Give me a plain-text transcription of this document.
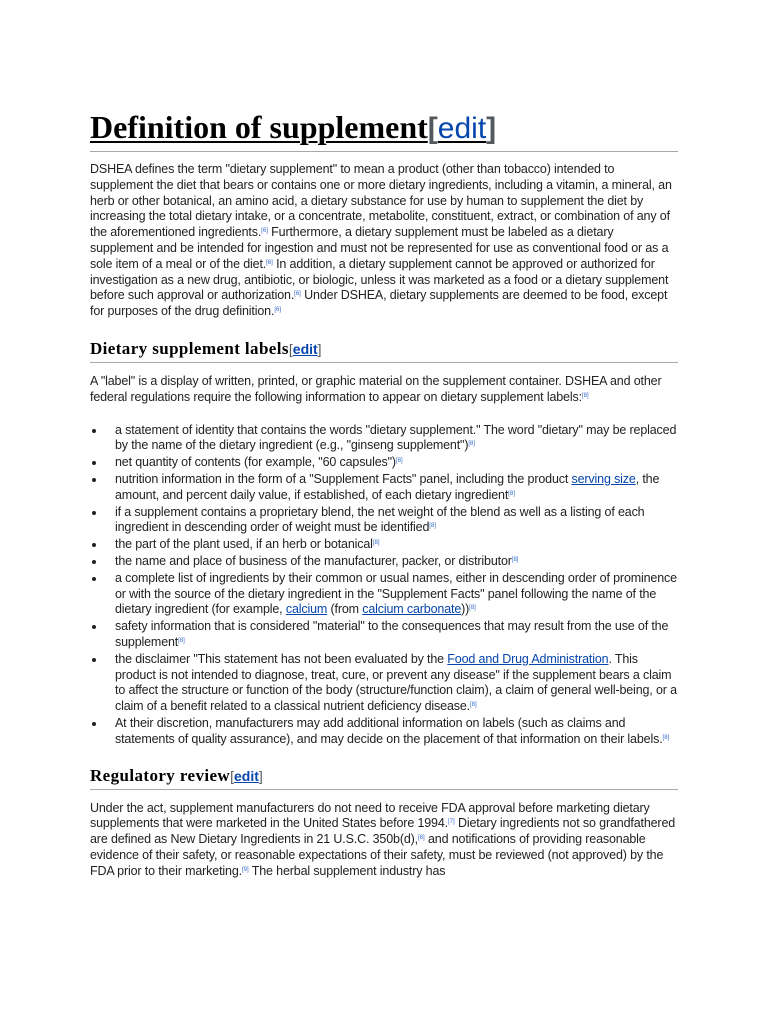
Definition of supplement[edit]

DSHEA defines the term "dietary supplement" to mean a product (other than tobacco) intended to supplement the diet that bears or contains one or more dietary ingredients, including a vitamin, a mineral, an herb or other botanical, an amino acid, a dietary substance for use by human to supplement the diet by increasing the total dietary intake, or a concentrate, metabolite, constituent, extract, or combination of any of the aforementioned ingredients. [ $^6$ ] Furthermore, a dietary supplement must be labeled as a dietary supplement and be intended for ingestion and must not be represented for use as conventional food or as a sole item of a meal or of the diet. [ $^6$ ] In addition, a dietary supplement cannot be approved or authorized for investigation as a new drug, antibiotic, or biologic, unless it was marketed as a food or a dietary supplement before such approval or authorization. [ $^6$ ] Under DSHEA, dietary supplements are deemed to be food, except for purposes of the drug definition. [ $^6$ ]

Dietary supplement labels[edit]

A "label" is a display of written, printed, or graphic material on the supplement container. DSHEA and other federal regulations require the following information to appear on dietary supplement labels: [ $^8$ ]

a statement of identity that contains the words "dietary supplement." The word "dietary" may be replaced by the name of the dietary ingredient (e.g., "ginseng supplement") [ $^8$ ]
net quantity of contents (for example, "60 capsules") [ $^8$ ]
nutrition information in the form of a "Supplement Facts" panel, including the product serving size, the amount, and percent daily value, if established, of each dietary ingredient [ $^8$ ]
if a supplement contains a proprietary blend, the net weight of the blend as well as a listing of each ingredient in descending order of weight must be identified [ $^8$ ]
the part of the plant used, if an herb or botanical [ $^8$ ]
the name and place of business of the manufacturer, packer, or distributor [ $^8$ ]
a complete list of ingredients by their common or usual names, either in descending order of prominence or with the source of the dietary ingredient in the "Supplement Facts" panel following the name of the dietary ingredient (for example, calcium (from calcium carbonate)) [ $^8$ ]
safety information that is considered "material" to the consequences that may result from the use of the supplement [ $^8$ ]
the disclaimer "This statement has not been evaluated by the Food and Drug Administration. This product is not intended to diagnose, treat, cure, or prevent any disease" if the supplement bears a claim to affect the structure or function of the body (structure/function claim), a claim of general well-being, or a claim of a benefit related to a classical nutrient deficiency disease. [ $^8$ ]
At their discretion, manufacturers may add additional information on labels (such as claims and statements of quality assurance), and may decide on the placement of that information on their labels. [ $^8$ ]
Regulatory review[edit]

Under the act, supplement manufacturers do not need to receive FDA approval before marketing dietary supplements that were marketed in the United States before 1994. [ $^7$ ] Dietary ingredients not so grandfathered are defined as New Dietary Ingredients in 21 U.S.C. 350b(d), [ $^8$ ] and notifications of providing reasonable evidence of their safety, or reasonable expectations of their safety, must be reviewed (not approved) by the FDA prior to their marketing. [ $^9$ ] The herbal supplement industry has
